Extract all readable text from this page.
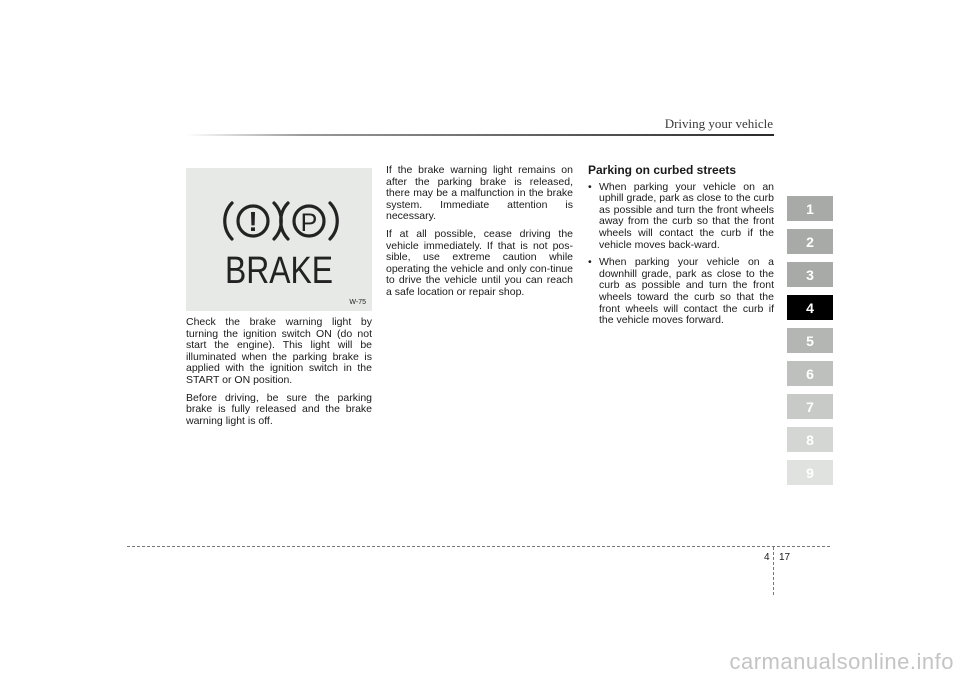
Driving your vehicle
! P
BRAKE
W-75

Check the brake warning light by turning the ignition switch ON (do not start the engine). This light will be illuminated when the parking brake is applied with the ignition switch in the START or ON position.

Before driving, be sure the parking brake is fully released and the brake warning light is off.

If the brake warning light remains on after the parking brake is released, there may be a malfunction in the brake system. Immediate attention is necessary.

If at all possible, cease driving the vehicle immediately. If that is not pos-sible, use extreme caution while operating the vehicle and only con-tinue to drive the vehicle until you can reach a safe location or repair shop.

Parking on curbed streets
• When parking your vehicle on an uphill grade, park as close to the curb as possible and turn the front wheels away from the curb so that the front wheels will contact the curb if the vehicle moves back-ward.
• When parking your vehicle on a downhill grade, park as close to the curb as possible and turn the front wheels toward the curb so that the front wheels will contact the curb if the vehicle moves forward.
1
2
3
4
5
6
7
8
9
4 17
carmanualsonline.info
